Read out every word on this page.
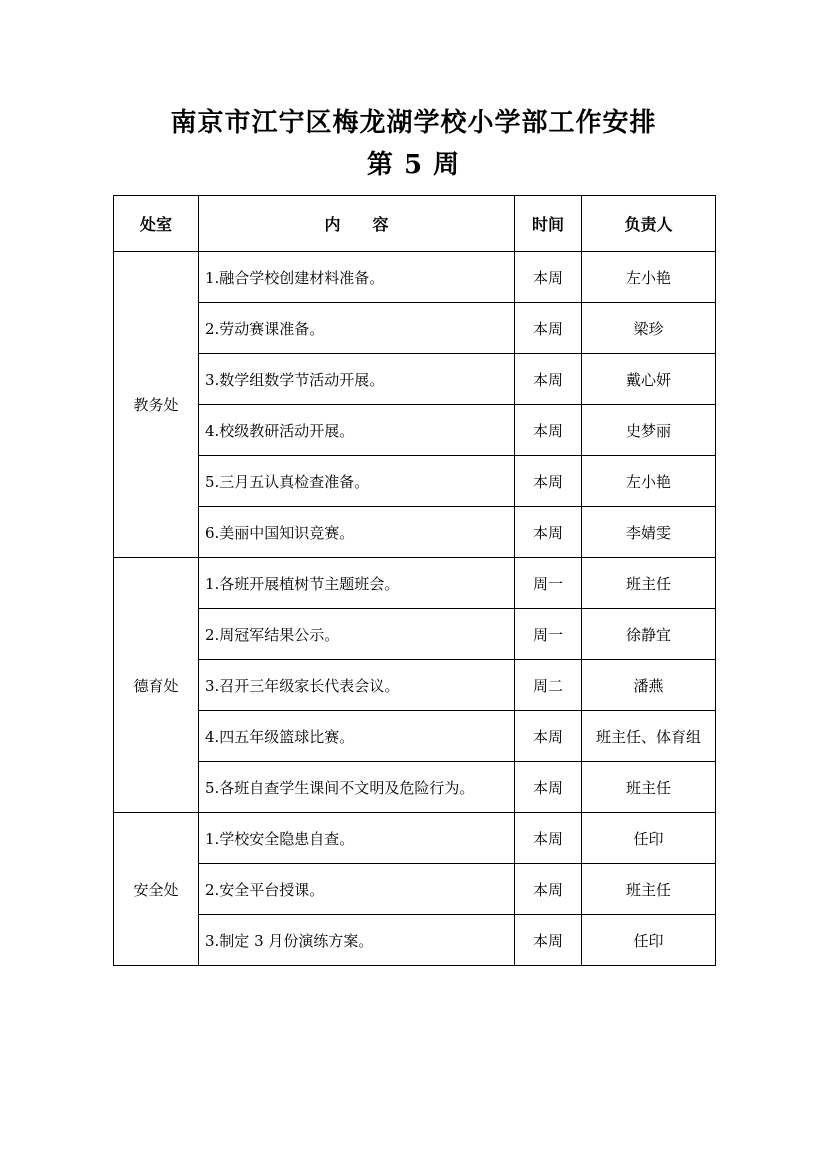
南京市江宁区梅龙湖学校小学部工作安排
第 5 周
处室	内　　容	时间	负责人
教务处	1.融合学校创建材料准备。	本周	左小艳
	2.劳动赛课准备。	本周	梁珍
	3.数学组数学节活动开展。	本周	戴心妍
	4.校级教研活动开展。	本周	史梦丽
	5.三月五认真检查准备。	本周	左小艳
	6.美丽中国知识竞赛。	本周	李婧雯
德育处	1.各班开展植树节主题班会。	周一	班主任
	2.周冠军结果公示。	周一	徐静宜
	3.召开三年级家长代表会议。	周二	潘燕
	4.四五年级篮球比赛。	本周	班主任、体育组
	5.各班自查学生课间不文明及危险行为。	本周	班主任
安全处	1.学校安全隐患自查。	本周	任印
	2.安全平台授课。	本周	班主任
	3.制定 3 月份演练方案。	本周	任印
